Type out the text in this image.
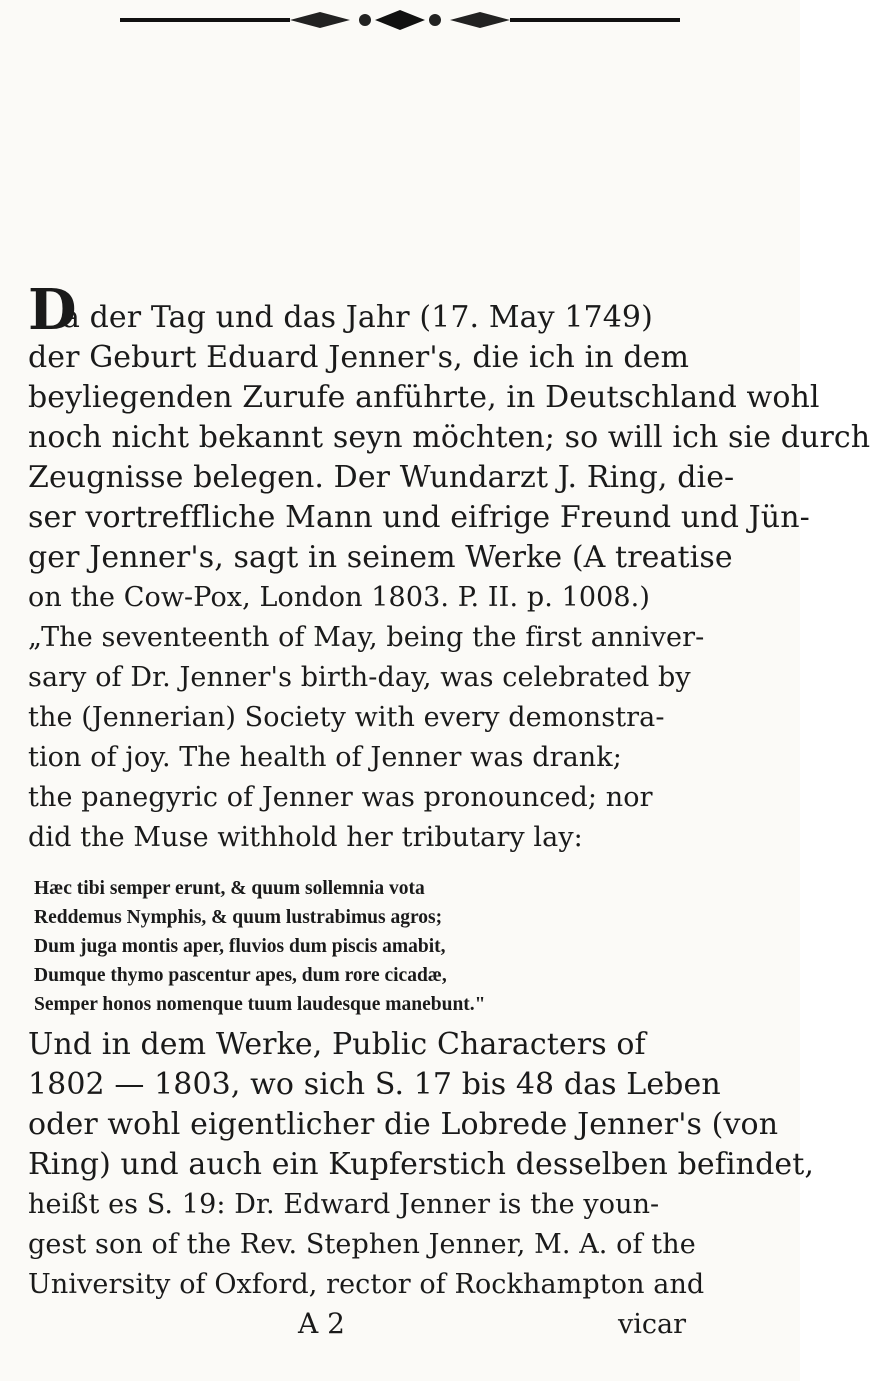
D
a der Tag und das Jahr (17. May 1749)
der Geburt Eduard Jenner's, die ich in dem
beyliegenden Zurufe anführte, in Deutschland wohl
noch nicht bekannt seyn möchten; so will ich sie durch
Zeugnisse belegen. Der Wundarzt J. Ring, die-
ser vortreffliche Mann und eifrige Freund und Jün-
ger Jenner's, sagt in seinem Werke (A treatise
on the Cow-Pox, London 1803. P. II. p. 1008.)
„The seventeenth of May, being the first anniver-
sary of Dr. Jenner's birth-day, was celebrated by
the (Jennerian) Society with every demonstra-
tion of joy. The health of Jenner was drank;
the panegyric of Jenner was pronounced; nor
did the Muse withhold her tributary lay:
Hæc tibi semper erunt, & quum sollemnia vota
Reddemus Nymphis, & quum lustrabimus agros;
Dum juga montis aper, fluvios dum piscis amabit,
Dumque thymo pascentur apes, dum rore cicadæ,
Semper honos nomenque tuum laudesque manebunt."
Und in dem Werke, Public Characters of
1802 — 1803, wo sich S. 17 bis 48 das Leben
oder wohl eigentlicher die Lobrede Jenner's (von
Ring) und auch ein Kupferstich desselben befindet,
heißt es S. 19: Dr. Edward Jenner is the youn-
gest son of the Rev. Stephen Jenner, M. A. of the
University of Oxford, rector of Rockhampton and
A 2	vicar
